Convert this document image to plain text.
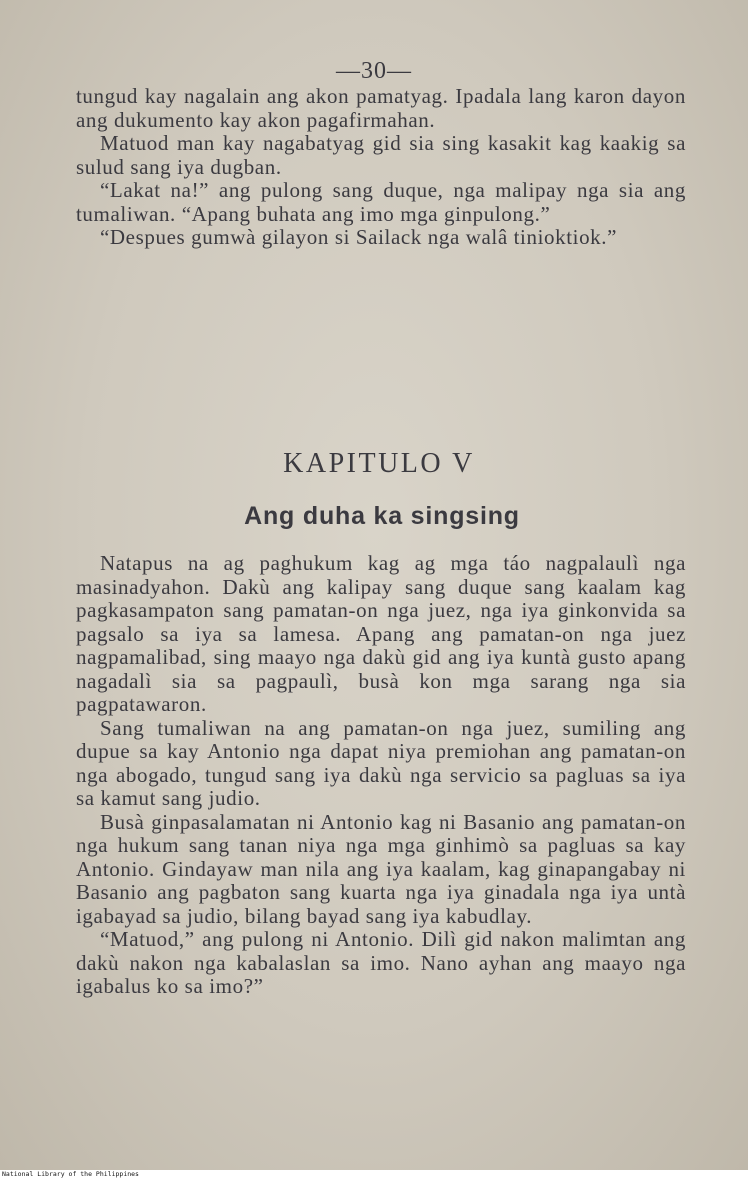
—30—

tungud kay nagalain ang akon pamatyag. Ipadala lang karon dayon ang dukumento kay akon pagafirmahan.

Matuod man kay nagabatyag gid sia sing kasakit kag kaakig sa sulud sang iya dugban.

“Lakat na!” ang pulong sang duque, nga malipay nga sia ang tumaliwan. “Apang buhata ang imo mga ginpulong.”

“Despues gumwà gilayon si Sailack nga walâ tinioktiok.”

KAPITULO V
Ang duha ka singsing

Natapus na ag paghukum kag ag mga táo nagpalaulì nga masinadyahon. Dakù ang kalipay sang duque sang kaalam kag pagkasampaton sang pamatan-on nga juez, nga iya ginkonvida sa pagsalo sa iya sa lamesa. Apang ang pamatan-on nga juez nagpamalibad, sing maayo nga dakù gid ang iya kuntà gusto apang nagadalì sia sa pagpaulì, busà kon mga sarang nga sia pagpatawaron.

Sang tumaliwan na ang pamatan-on nga juez, sumiling ang dupue sa kay Antonio nga dapat niya premiohan ang pamatan-on nga abogado, tungud sang iya dakù nga servicio sa pagluas sa iya sa kamut sang judio.

Busà ginpasalamatan ni Antonio kag ni Basanio ang pamatan-on nga hukum sang tanan niya nga mga ginhimò sa pagluas sa kay Antonio. Gindayaw man nila ang iya kaalam, kag ginapangabay ni Basanio ang pagbaton sang kuarta nga iya ginadala nga iya untà igabayad sa judio, bilang bayad sang iya kabudlay.

“Matuod,” ang pulong ni Antonio. Dilì gid nakon malimtan ang dakù nakon nga kabalaslan sa imo. Nano ayhan ang maayo nga igabalus ko sa imo?”

National Library of the Philippines
